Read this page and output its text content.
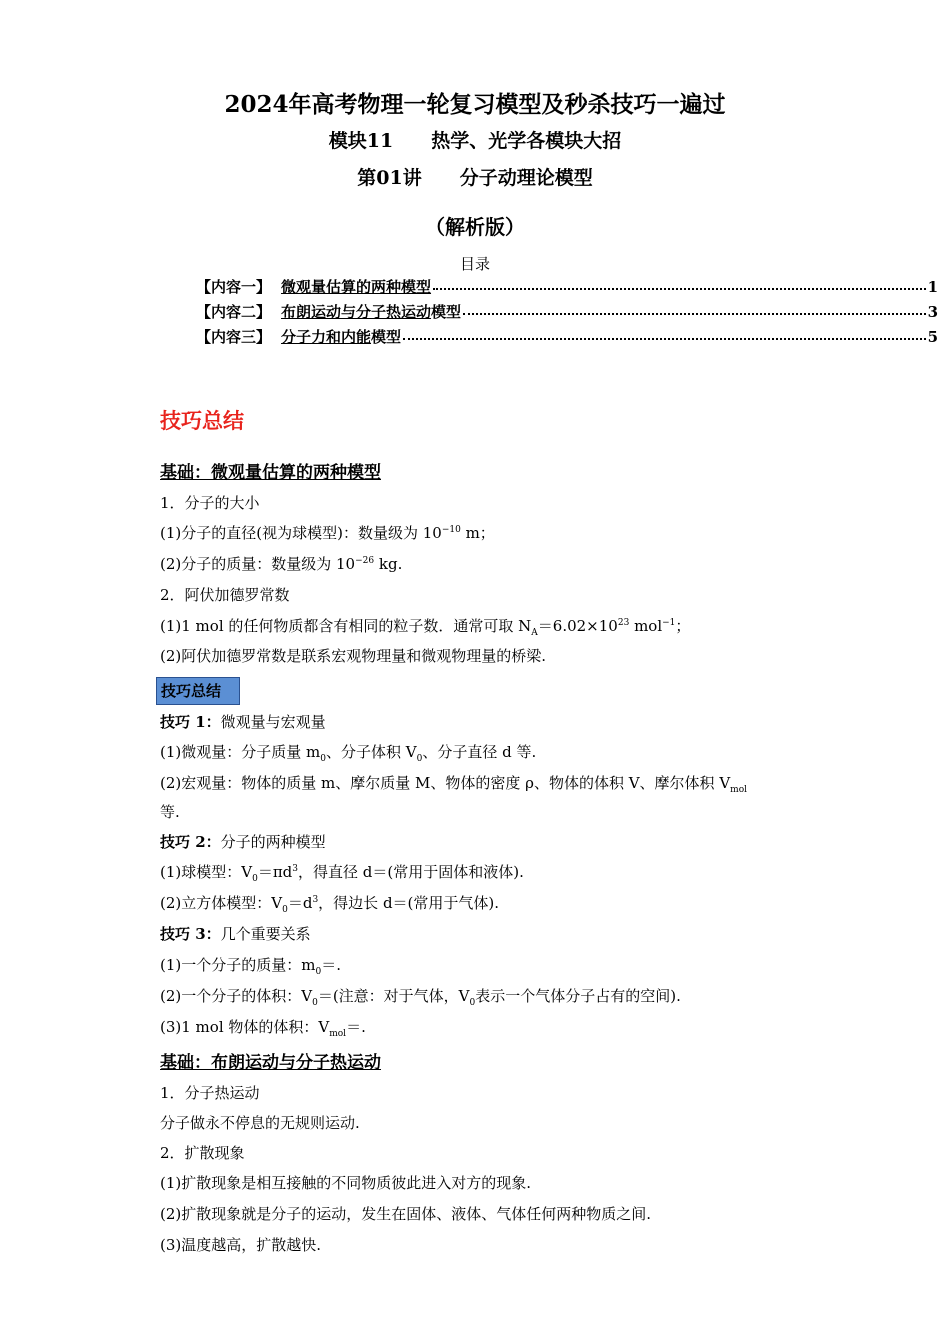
2024年高考物理一轮复习模型及秒杀技巧一遍过
模块11 热学、光学各模块大招
第01讲 分子动理论模型
（解析版）
目录
【内容一】 微观量估算的两种模型	1
【内容二】 布朗运动与分子热运动 模型	3
【内容三】 分子力和内能 模型	5
技巧总结
基础：微观量估算的两种模型
1．分子的大小
(1)分子的直径(视为球模型)：数量级为 $10^{-10}$ m；
(2)分子的质量：数量级为 $10^{-26}$ kg.
2．阿伏加德罗常数
(1)1 mol 的任何物质都含有相同的粒子数．通常可取 $N_A=6.02\times 10^{23}$ mol$^{-1}$；
(2)阿伏加德罗常数是联系宏观物理量和微观物理量的桥梁.
技巧总结
技巧 1：微观量与宏观量
(1)微观量：分子质量 $m_0$、分子体积 $V_0$、分子直径 d 等.
(2)宏观量：物体的质量 m、摩尔质量 M、物体的密度 ρ、物体的体积 V、摩尔体积 $V_{mol}$
等.
技巧 2：分子的两种模型
(1)球模型：$V_0=\pi d^3$，得直径 d＝(常用于固体和液体).
(2)立方体模型：$V_0=d^3$，得边长 d＝(常用于气体).
技巧 3：几个重要关系
(1)一个分子的质量：$m_0=$.
(2)一个分子的体积：$V_0=$(注意：对于气体，$V_0$表示一个气体分子占有的空间).
(3)1 mol 物体的体积：$V_{mol}=$.
基础：布朗运动与分子热运动
1．分子热运动
分子做永不停息的无规则运动.
2．扩散现象
(1)扩散现象是相互接触的不同物质彼此进入对方的现象.
(2)扩散现象就是分子的运动，发生在固体、液体、气体任何两种物质之间.
(3)温度越高，扩散越快.
